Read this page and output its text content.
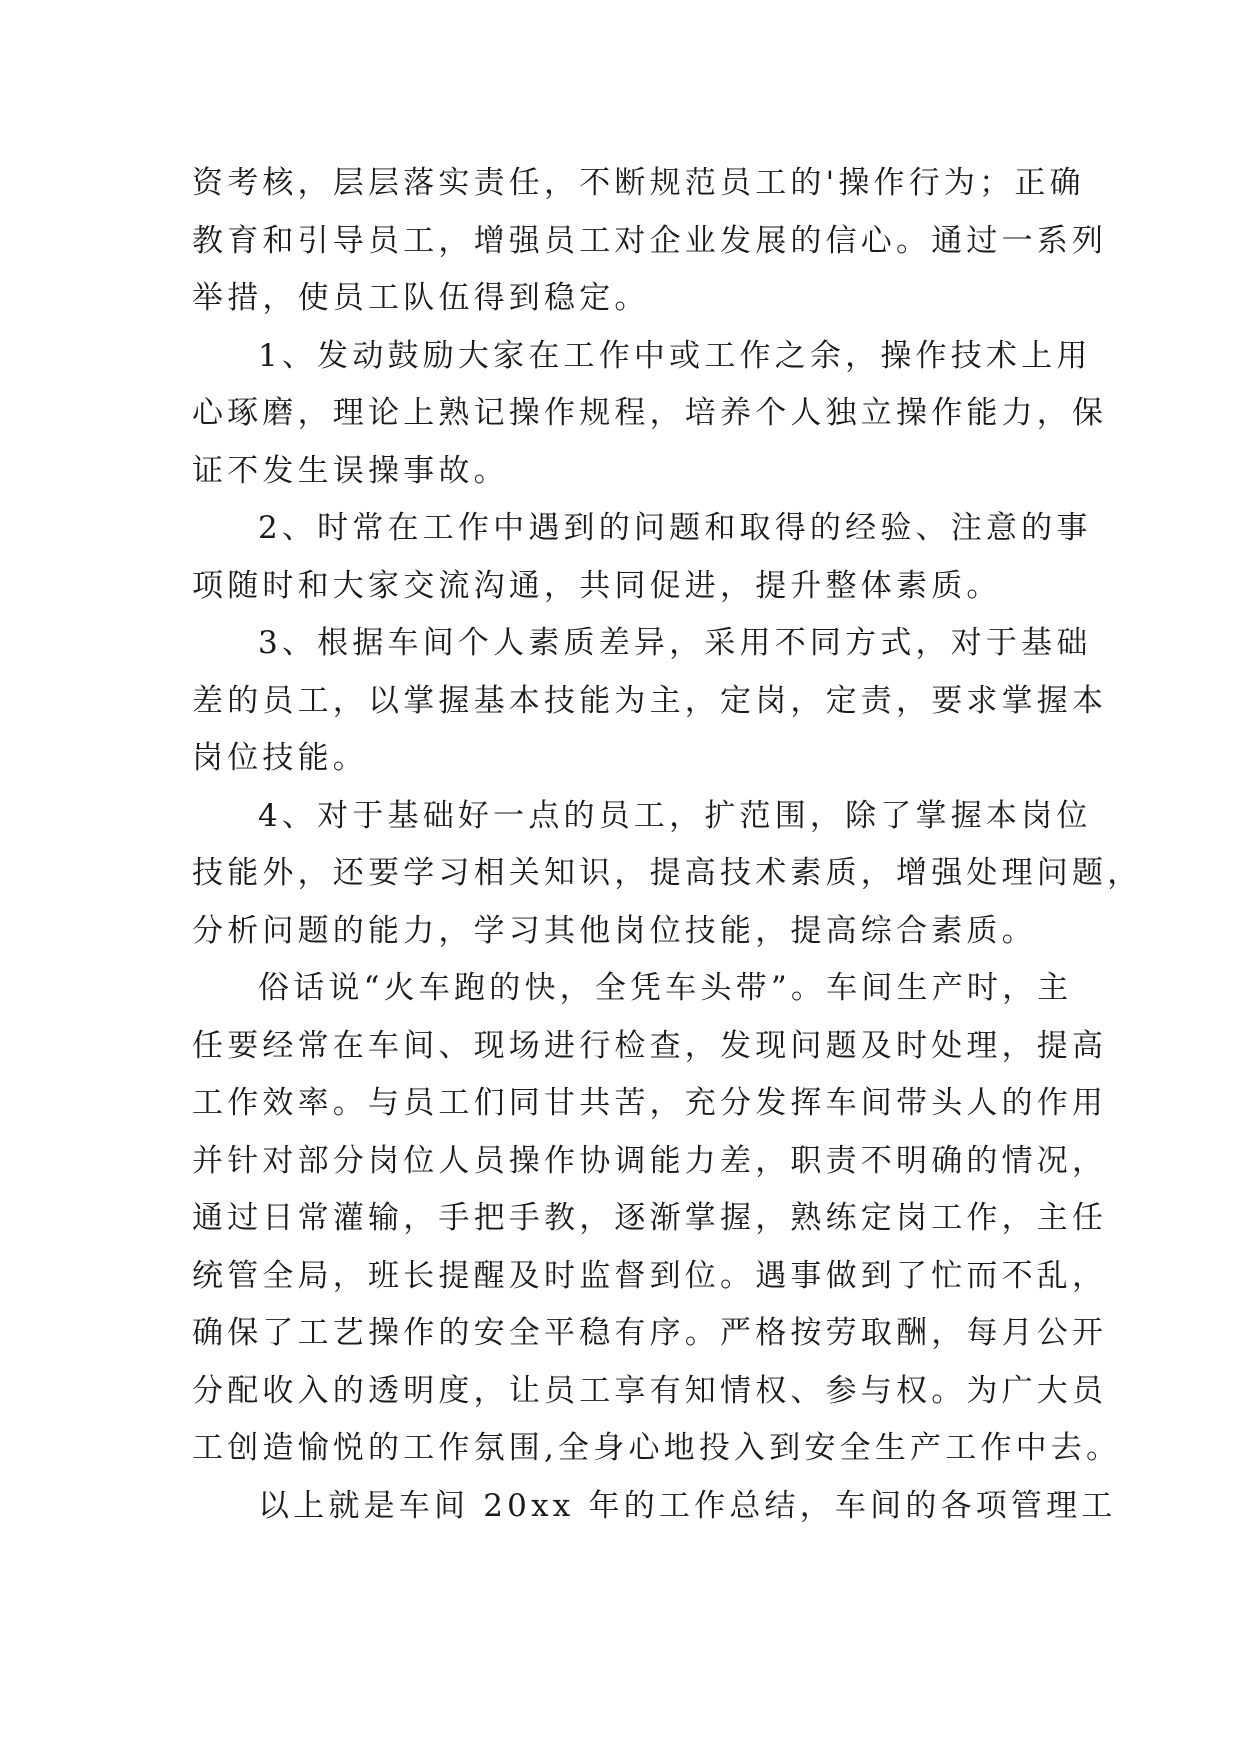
资考核，层层落实责任，不断规范员工的'操作行为；正确
教育和引导员工，增强员工对企业发展的信心。通过一系列
举措，使员工队伍得到稳定。
1、发动鼓励大家在工作中或工作之余，操作技术上用
心琢磨，理论上熟记操作规程，培养个人独立操作能力，保
证不发生误操事故。
2、时常在工作中遇到的问题和取得的经验、注意的事
项随时和大家交流沟通，共同促进，提升整体素质。
3、根据车间个人素质差异，采用不同方式，对于基础
差的员工，以掌握基本技能为主，定岗，定责，要求掌握本
岗位技能。
4、对于基础好一点的员工，扩范围，除了掌握本岗位
技能外，还要学习相关知识，提高技术素质，增强处理问题，
分析问题的能力，学习其他岗位技能，提高综合素质。
俗话说“火车跑的快，全凭车头带”。车间生产时，主
任要经常在车间、现场进行检查，发现问题及时处理，提高
工作效率。与员工们同甘共苦，充分发挥车间带头人的作用
并针对部分岗位人员操作协调能力差，职责不明确的情况，
通过日常灌输，手把手教，逐渐掌握，熟练定岗工作，主任
统管全局，班长提醒及时监督到位。遇事做到了忙而不乱，
确保了工艺操作的安全平稳有序。严格按劳取酬，每月公开
分配收入的透明度，让员工享有知情权、参与权。为广大员
工创造愉悦的工作氛围,全身心地投入到安全生产工作中去。
以上就是车间 20xx 年的工作总结，车间的各项管理工
